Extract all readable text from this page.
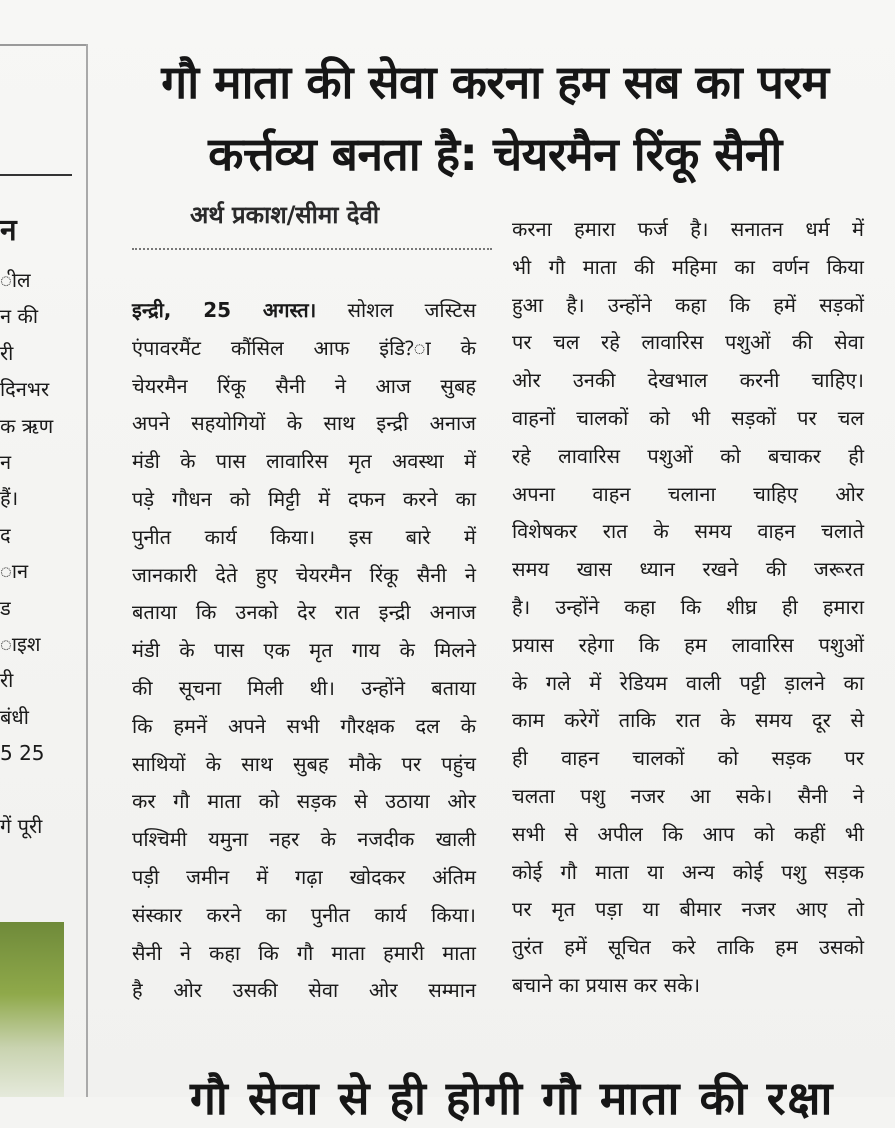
न
ील
न की
री
दिनभर
क ऋण
न
हैं।
द
ान
ड
ाइश
री
बंधी
5 25
गें पूरी
गौ माता की सेवा करना हम सब का परम
कर्त्तव्य बनता है: चेयरमैन रिंकू सैनी
अर्थ प्रकाश/सीमा देवी
इन्द्री, 25 अगस्त। सोशल जस्टिस
एंपावरमैंट कौंसिल आफ इंडि?ा के
चेयरमैन रिंकू सैनी ने आज सुबह
अपने सहयोगियों के साथ इन्द्री अनाज
मंडी के पास लावारिस मृत अवस्था में
पड़े गौधन को मिट्टी में दफन करने का
पुनीत कार्य किया। इस बारे में
जानकारी देते हुए चेयरमैन रिंकू सैनी ने
बताया कि उनको देर रात इन्द्री अनाज
मंडी के पास एक मृत गाय के मिलने
की सूचना मिली थी। उन्होंने बताया
कि हमनें अपने सभी गौरक्षक दल के
साथियों के साथ सुबह मौके पर पहुंच
कर गौ माता को सड़क से उठाया ओर
पश्चिमी यमुना नहर के नजदीक खाली
पड़ी जमीन में गढ़ा खोदकर अंतिम
संस्कार करने का पुनीत कार्य किया।
सैनी ने कहा कि गौ माता हमारी माता
है ओर उसकी सेवा ओर सम्मान
करना हमारा फर्ज है। सनातन धर्म में
भी गौ माता की महिमा का वर्णन किया
हुआ है। उन्होंने कहा कि हमें सड़कों
पर चल रहे लावारिस पशुओं की सेवा
ओर उनकी देखभाल करनी चाहिए।
वाहनों चालकों को भी सड़कों पर चल
रहे लावारिस पशुओं को बचाकर ही
अपना वाहन चलाना चाहिए ओर
विशेषकर रात के समय वाहन चलाते
समय खास ध्यान रखने की जरूरत
है। उन्होंने कहा कि शीघ्र ही हमारा
प्रयास रहेगा कि हम लावारिस पशुओं
के गले में रेडियम वाली पट्टी ड़ालने का
काम करेगें ताकि रात के समय दूर से
ही वाहन चालकों को सड़क पर
चलता पशु नजर आ सके। सैनी ने
सभी से अपील कि आप को कहीं भी
कोई गौ माता या अन्य कोई पशु सड़क
पर मृत पड़ा या बीमार नजर आए तो
तुरंत हमें सूचित करे ताकि हम उसको
बचाने का प्रयास कर सके।
गौ सेवा से ही होगी गौ माता की रक्षा
